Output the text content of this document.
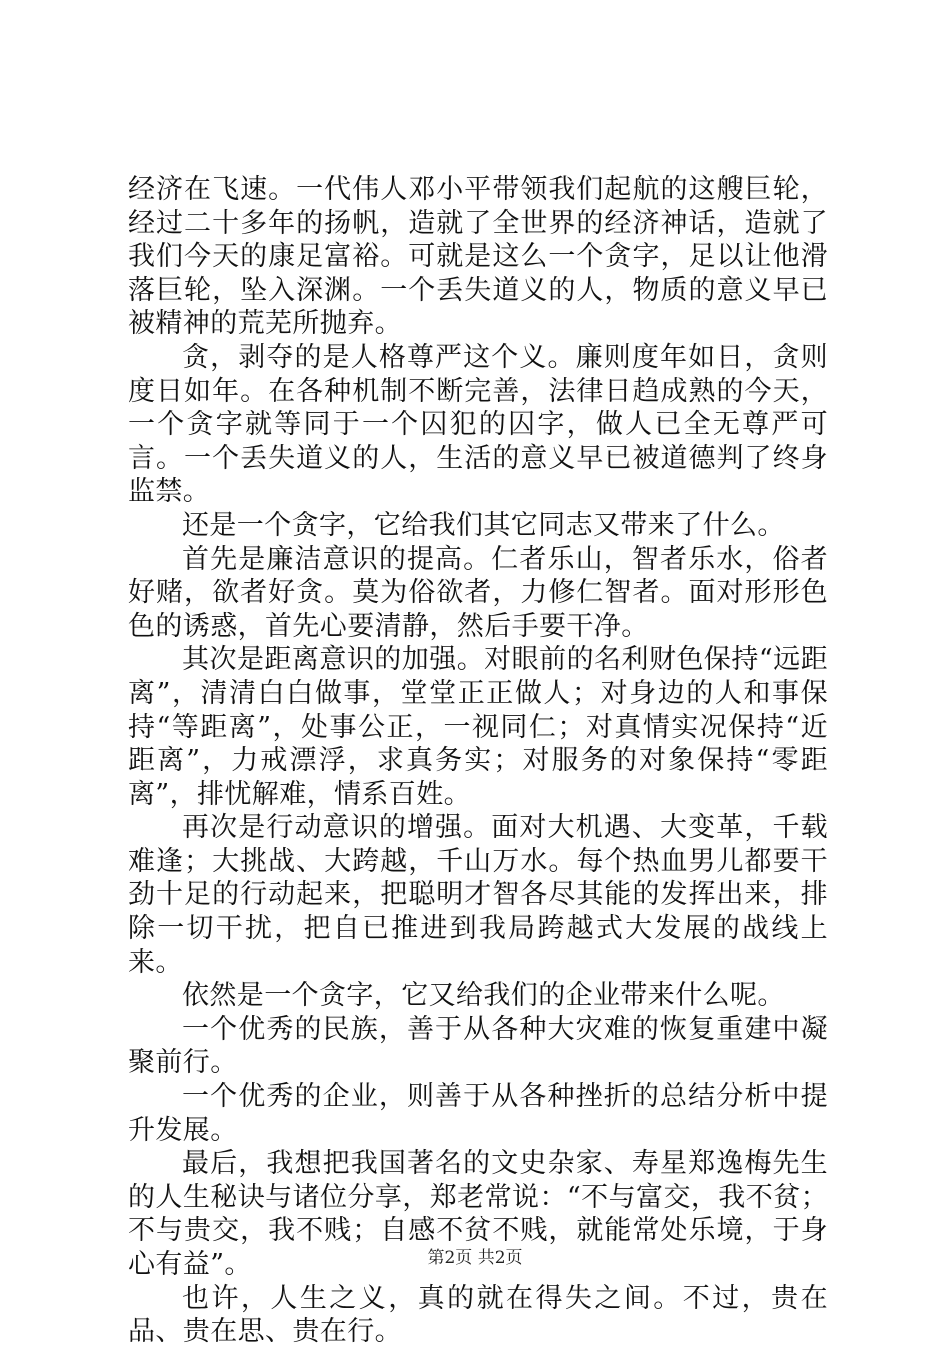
经济在飞速。一代伟人邓小平带领我们起航的这艘巨轮，经过二十多年的扬帆，造就了全世界的经济神话，造就了我们今天的康足富裕。可就是这么一个贪字，足以让他滑落巨轮，坠入深渊。一个丢失道义的人，物质的意义早已被精神的荒芜所抛弃。

贪，剥夺的是人格尊严这个义。廉则度年如日，贪则度日如年。在各种机制不断完善，法律日趋成熟的今天，一个贪字就等同于一个囚犯的囚字，做人已全无尊严可言。一个丢失道义的人，生活的意义早已被道德判了终身监禁。

还是一个贪字，它给我们其它同志又带来了什么。

首先是廉洁意识的提高。仁者乐山，智者乐水，俗者好赌，欲者好贪。莫为俗欲者，力修仁智者。面对形形色色的诱惑，首先心要清静，然后手要干净。

其次是距离意识的加强。对眼前的名利财色保持“远距离”，清清白白做事，堂堂正正做人；对身边的人和事保持“等距离”，处事公正，一视同仁；对真情实况保持“近距离”，力戒漂浮，求真务实；对服务的对象保持“零距离”，排忧解难，情系百姓。

再次是行动意识的增强。面对大机遇、大变革，千载难逢；大挑战、大跨越，千山万水。每个热血男儿都要干劲十足的行动起来，把聪明才智各尽其能的发挥出来，排除一切干扰，把自已推进到我局跨越式大发展的战线上来。

依然是一个贪字，它又给我们的企业带来什么呢。

一个优秀的民族，善于从各种大灾难的恢复重建中凝聚前行。

一个优秀的企业，则善于从各种挫折的总结分析中提升发展。

最后，我想把我国著名的文史杂家、寿星郑逸梅先生的人生秘诀与诸位分享，郑老常说：“不与富交，我不贫；不与贵交，我不贱；自感不贫不贱，就能常处乐境，于身心有益”。

也许，人生之义，真的就在得失之间。不过，贵在品、贵在思、贵在行。

第2页 共2页
